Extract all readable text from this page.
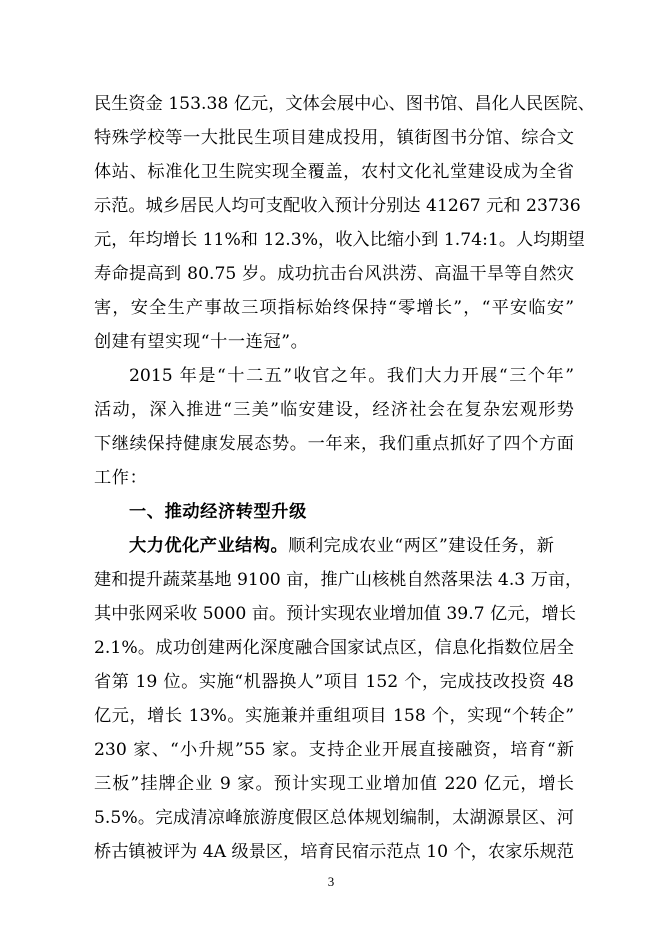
民生资金 153.38 亿元，文体会展中心、图书馆、昌化人民医院、
特殊学校等一大批民生项目建成投用，镇街图书分馆、综合文
体站、标准化卫生院实现全覆盖，农村文化礼堂建设成为全省
示范。城乡居民人均可支配收入预计分别达 41267 元和 23736
元，年均增长 11%和 12.3%，收入比缩小到 1.74:1。人均期望
寿命提高到 80.75 岁。成功抗击台风洪涝、高温干旱等自然灾
害，安全生产事故三项指标始终保持“零增长”，“平安临安”
创建有望实现“十一连冠”。
2015 年是“十二五”收官之年。我们大力开展“三个年”
活动，深入推进“三美”临安建设，经济社会在复杂宏观形势
下继续保持健康发展态势。一年来，我们重点抓好了四个方面
工作：
一、推动经济转型升级
大力优化产业结构。顺利完成农业“两区”建设任务，新
建和提升蔬菜基地 9100 亩，推广山核桃自然落果法 4.3 万亩，
其中张网采收 5000 亩。预计实现农业增加值 39.7 亿元，增长
2.1%。成功创建两化深度融合国家试点区，信息化指数位居全
省第 19 位。实施“机器换人”项目 152 个，完成技改投资 48
亿元，增长 13%。实施兼并重组项目 158 个，实现“个转企”
230 家、“小升规”55 家。支持企业开展直接融资，培育“新
三板”挂牌企业 9 家。预计实现工业增加值 220 亿元，增长
5.5%。完成清凉峰旅游度假区总体规划编制，太湖源景区、河
桥古镇被评为 4A 级景区，培育民宿示范点 10 个，农家乐规范
3
